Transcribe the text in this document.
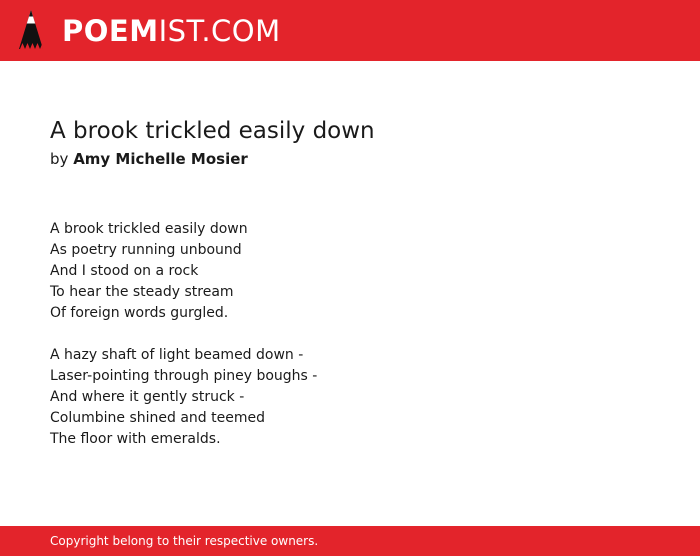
POEMIST.COM
A brook trickled easily down
by Amy Michelle Mosier
A brook trickled easily down
As poetry running unbound
And I stood on a rock
To hear the steady stream
Of foreign words gurgled.
A hazy shaft of light beamed down -
Laser-pointing through piney boughs -
And where it gently struck -
Columbine shined and teemed
The floor with emeralds.
Copyright belong to their respective owners.
